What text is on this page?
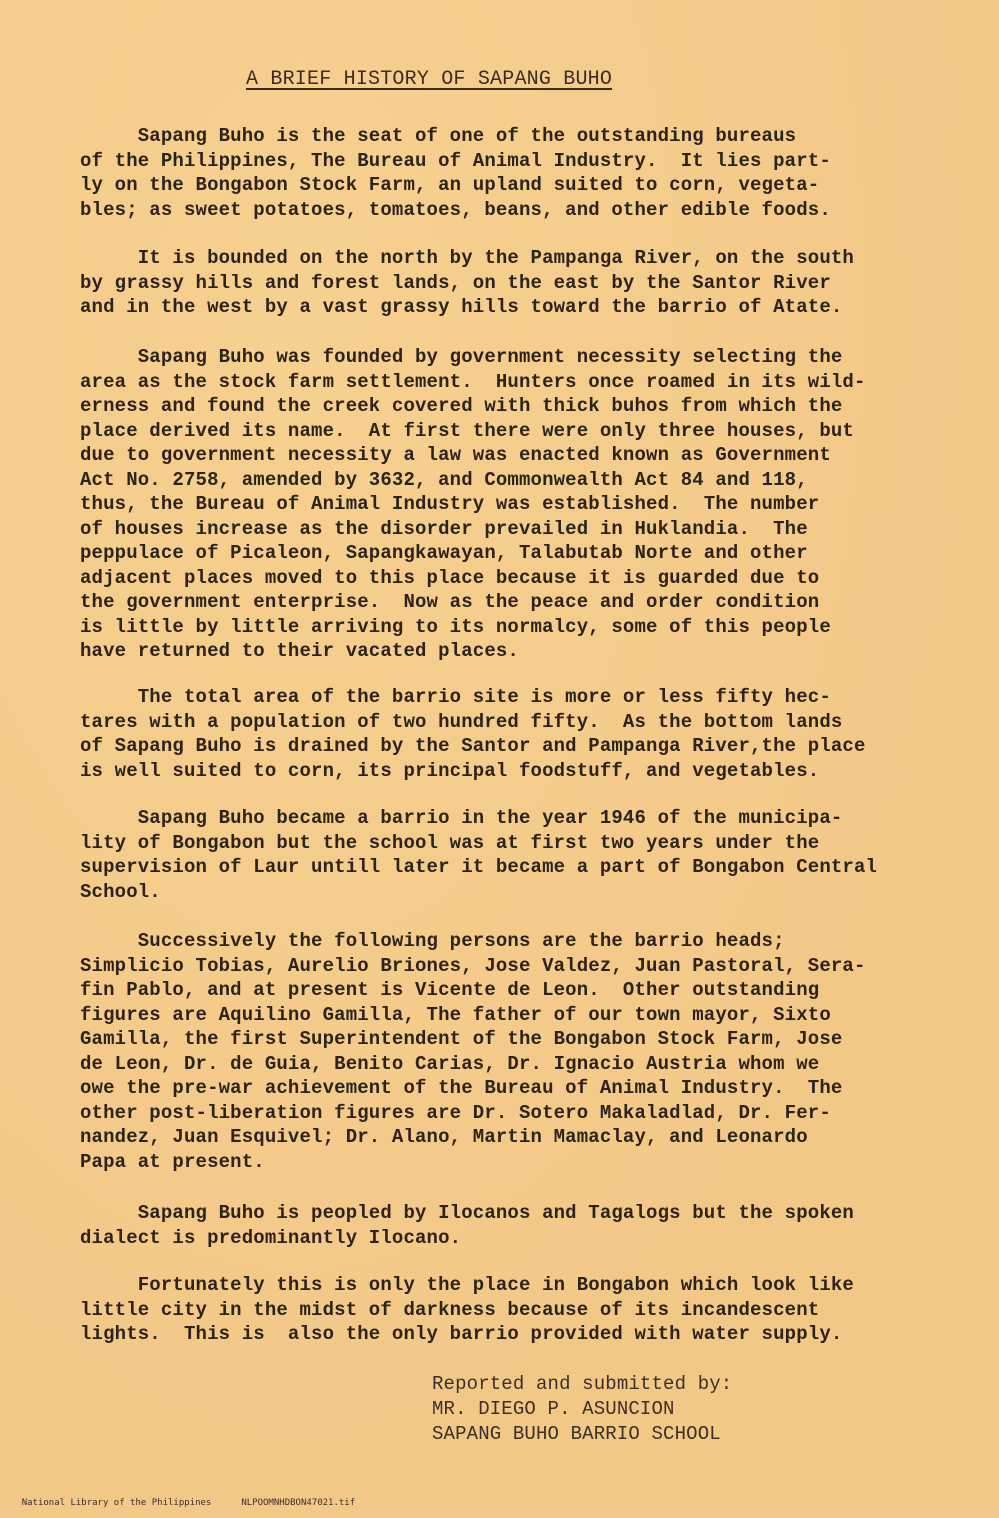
A BRIEF HISTORY OF SAPANG BUHO

Sapang Buho is the seat of one of the outstanding bureaus
of the Philippines, The Bureau of Animal Industry.  It lies part-
ly on the Bongabon Stock Farm, an upland suited to corn, vegeta-
bles; as sweet potatoes, tomatoes, beans, and other edible foods.

It is bounded on the north by the Pampanga River, on the south
by grassy hills and forest lands, on the east by the Santor River
and in the west by a vast grassy hills toward the barrio of Atate.

Sapang Buho was founded by government necessity selecting the
area as the stock farm settlement.  Hunters once roamed in its wild-
erness and found the creek covered with thick buhos from which the
place derived its name.  At first there were only three houses, but
due to government necessity a law was enacted known as Government
Act No. 2758, amended by 3632, and Commonwealth Act 84 and 118,
thus, the Bureau of Animal Industry was established.  The number
of houses increase as the disorder prevailed in Huklandia.  The
peppulace of Picaleon, Sapangkawayan, Talabutab Norte and other
adjacent places moved to this place because it is guarded due to
the government enterprise.  Now as the peace and order condition
is little by little arriving to its normalcy, some of this people
have returned to their vacated places.

The total area of the barrio site is more or less fifty hec-
tares with a population of two hundred fifty.  As the bottom lands
of Sapang Buho is drained by the Santor and Pampanga River,the place
is well suited to corn, its principal foodstuff, and vegetables.

Sapang Buho became a barrio in the year 1946 of the municipa-
lity of Bongabon but the school was at first two years under the
supervision of Laur untill later it became a part of Bongabon Central
School.

Successively the following persons are the barrio heads;
Simplicio Tobias, Aurelio Briones, Jose Valdez, Juan Pastoral, Sera-
fin Pablo, and at present is Vicente de Leon.  Other outstanding
figures are Aquilino Gamilla, The father of our town mayor, Sixto
Gamilla, the first Superintendent of the Bongabon Stock Farm, Jose
de Leon, Dr. de Guia, Benito Carias, Dr. Ignacio Austria whom we
owe the pre-war achievement of the Bureau of Animal Industry.  The
other post-liberation figures are Dr. Sotero Makaladlad, Dr. Fer-
nandez, Juan Esquivel; Dr. Alano, Martin Mamaclay, and Leonardo
Papa at present.

Sapang Buho is peopled by Ilocanos and Tagalogs but the spoken
dialect is predominantly Ilocano.

Fortunately this is only the place in Bongabon which look like
little city in the midst of darkness because of its incandescent
lights.  This is  also the only barrio provided with water supply.

Reported and submitted by:
MR. DIEGO P. ASUNCION
SAPANG BUHO BARRIO SCHOOL

National Library of the Philippines	NLPOOMNHDBON47021.tif
